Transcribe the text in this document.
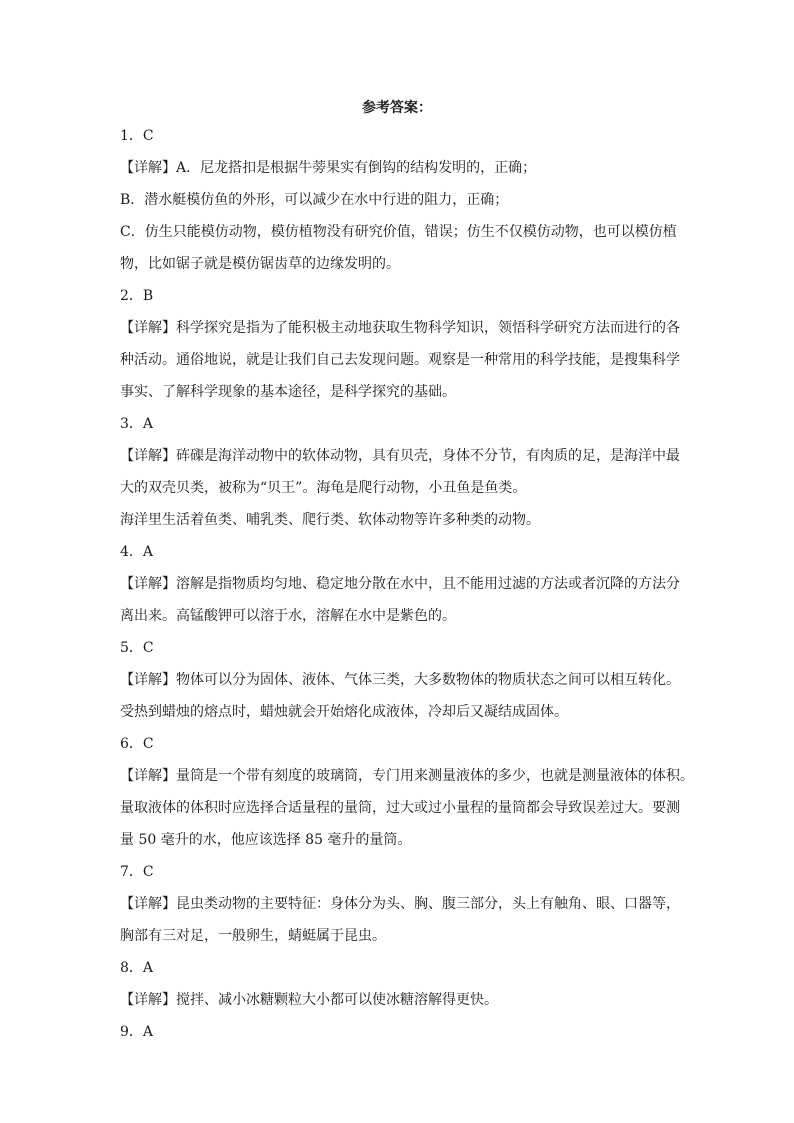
参考答案：
1．C
【详解】A．尼龙搭扣是根据牛蒡果实有倒钩的结构发明的，正确；
B．潜水艇模仿鱼的外形，可以减少在水中行进的阻力，正确；
C．仿生只能模仿动物，模仿植物没有研究价值，错误；仿生不仅模仿动物，也可以模仿植
物，比如锯子就是模仿锯齿草的边缘发明的。
2．B
【详解】科学探究是指为了能积极主动地获取生物科学知识，领悟科学研究方法而进行的各
种活动。通俗地说，就是让我们自己去发现问题。观察是一种常用的科学技能，是搜集科学
事实、了解科学现象的基本途径，是科学探究的基础。
3．A
【详解】砗磲是海洋动物中的软体动物，具有贝壳，身体不分节，有肉质的足，是海洋中最
大的双壳贝类，被称为“贝王”。海龟是爬行动物，小丑鱼是鱼类。
海洋里生活着鱼类、哺乳类、爬行类、软体动物等许多种类的动物。
4．A
【详解】溶解是指物质均匀地、稳定地分散在水中，且不能用过滤的方法或者沉降的方法分
离出来。高锰酸钾可以溶于水，溶解在水中是紫色的。
5．C
【详解】物体可以分为固体、液体、气体三类，大多数物体的物质状态之间可以相互转化。
受热到蜡烛的熔点时，蜡烛就会开始熔化成液体，冷却后又凝结成固体。
6．C
【详解】量筒是一个带有刻度的玻璃筒，专门用来测量液体的多少，也就是测量液体的体积。
量取液体的体积时应选择合适量程的量筒，过大或过小量程的量筒都会导致误差过大。要测
量 50 毫升的水，他应该选择 85 毫升的量筒。
7．C
【详解】昆虫类动物的主要特征：身体分为头、胸、腹三部分，头上有触角、眼、口器等，
胸部有三对足，一般卵生，蜻蜓属于昆虫。
8．A
【详解】搅拌、减小冰糖颗粒大小都可以使冰糖溶解得更快。
9．A
